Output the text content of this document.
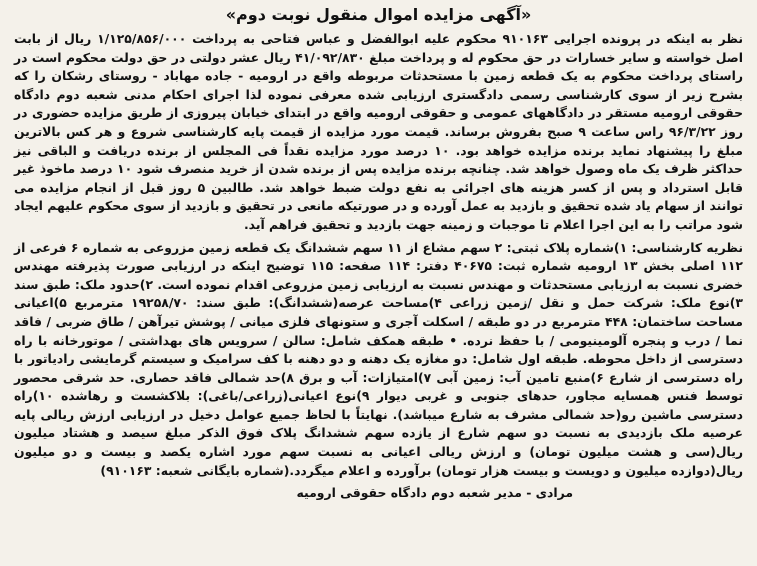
«آگهی مزایده اموال منقول نوبت دوم»

نظر به اینکه در پرونده اجرایی ۹۱۰۱۶۳ محکوم علیه ابوالفضل و عباس فتاحی به پرداخت ۱/۱۲۵/۸۵۶/۰۰۰ ریال از بابت اصل خواسته و سایر خسارات در حق محکوم له و پرداخت مبلغ ۴۱/۰۹۲/۸۳۰ ریال عشر دولتی در حق دولت محکوم است در راستای پرداخت محکوم به یک قطعه زمین با مستحدثات مربوطه واقع در ارومیه - جاده مهاباد - روستای رشکان را که بشرح زیر از سوی کارشناسی رسمی دادگستری ارزیابی شده معرفی نموده لذا اجرای احکام مدنی شعبه دوم دادگاه حقوقی ارومیه مستقر در دادگاههای عمومی و حقوقی ارومیه واقع در ابتدای خیابان پیروزی از طریق مزایده حضوری در روز ۹۶/۳/۲۲ راس ساعت ۹ صبح بفروش برساند. قیمت مورد مزایده از قیمت پایه کارشناسی شروع و هر کس بالاترین مبلغ را پیشنهاد نماید برنده مزایده خواهد بود. ۱۰ درصد مورد مزایده نقداً فی المجلس از برنده دریافت و الباقی نیز حداکثر ظرف یک ماه وصول خواهد شد. چنانچه برنده مزایده پس از برنده شدن از خرید منصرف شود ۱۰ درصد ماخوذ غیر قابل استرداد و پس از کسر هزینه های اجرائی به نفع دولت ضبط خواهد شد. طالبین ۵ روز قبل از انجام مزایده می توانند از سهام یاد شده تحقیق و بازدید به عمل آورده و در صورتیکه مانعی در تحقیق و بازدید از سوی محکوم علیهم ایجاد شود مراتب را به این اجرا اعلام تا موجبات و زمینه جهت بازدید و تحقیق فراهم آید.

نظریه کارشناسی: ۱)شماره پلاک ثبتی: ۲ سهم مشاع از ۱۱ سهم ششدانگ یک قطعه زمین مزروعی به شماره ۶ فرعی از ۱۱۲ اصلی بخش ۱۳ ارومیه شماره ثبت: ۴۰۶۷۵ دفتر: ۱۱۴ صفحه: ۱۱۵ توضیح اینکه در ارزیابی صورت پذیرفته مهندس خضری نسبت به ارزیابی مستحدثات و مهندس نسبت به ارزیابی زمین مزروعی اقدام نموده است. ۲)حدود ملک: طبق سند ۳)نوع ملک: شرکت حمل و نقل /زمین زراعی ۴)مساحت عرصه(ششدانگ): طبق سند: ۱۹۲۵۸/۷۰ مترمربع ۵)اعیانی مساحت ساختمان: ۴۴۸ مترمربع در دو طبقه / اسکلت آجری و ستونهای فلزی میانی / پوشش تیرآهن / طاق ضربی / فاقد نما / درب و پنجره آلومینیومی / با حفظ نرده. • طبقه همکف شامل: سالن / سرویس های بهداشتی / موتورخانه با راه دسترسی از داخل محوطه. طبقه اول شامل: دو مغازه یک دهنه و دو دهنه با کف سرامیک و سیستم گرمایشی رادیاتور با راه دسترسی از شارع ۶)منبع تامین آب: زمین آبی ۷)امتیازات: آب و برق ۸)حد شمالی فاقد حصاری. حد شرقی محصور توسط فنس همسایه مجاور، حدهای جنوبی و غربی دیوار ۹)نوع اعیانی(زراعی/باغی): بلاکشست و رهاشده ۱۰)راه دسترسی ماشین رو(حد شمالی مشرف به شارع میباشد). نهایتاً با لحاظ جمیع عوامل دخیل در ارزیابی ارزش ریالی پایه عرصیه ملک بازدیدی به نسبت دو سهم شارع از یازده سهم ششدانگ پلاک فوق الذکر مبلغ سیصد و هشتاد میلیون ریال(سی و هشت میلیون تومان) و ارزش ریالی اعیانی به نسبت سهم مورد اشاره یکصد و بیست و دو میلیون ریال(دوازده میلیون و دویست و بیست هزار تومان) برآورده و اعلام میگردد.(شماره بایگانی شعبه: ۹۱۰۱۶۳)

مرادی - مدیر شعبه دوم دادگاه حقوقی ارومیه
